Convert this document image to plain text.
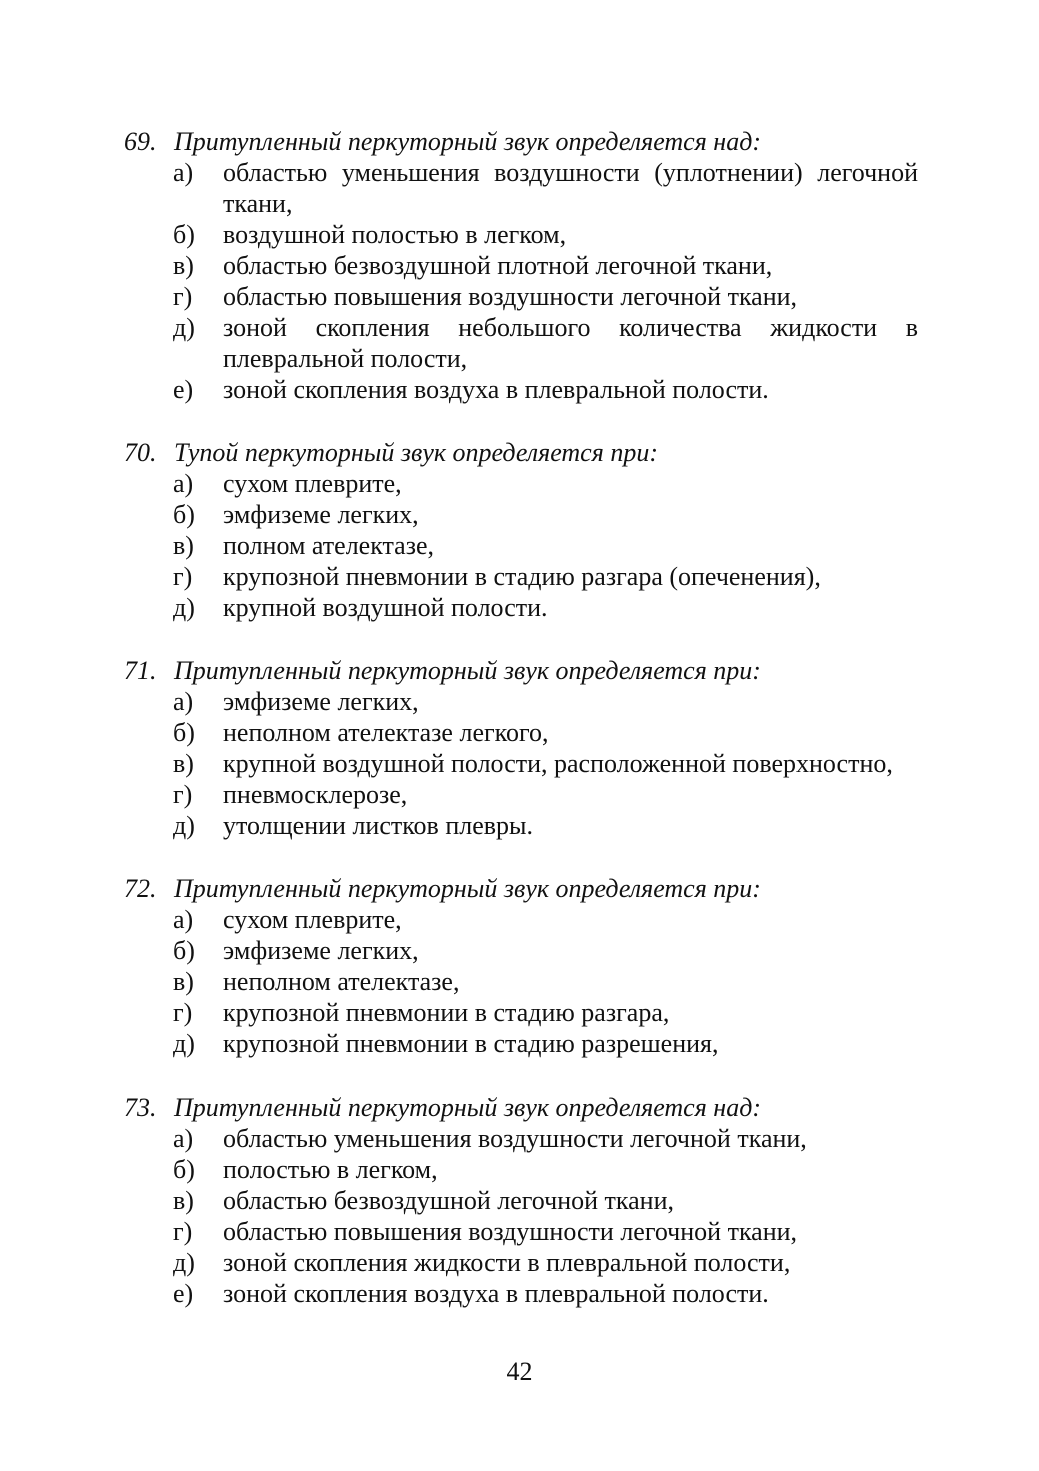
69. Притупленный перкуторный звук определяется над:
а) областью уменьшения воздушности (уплотнении) легочной ткани,
б) воздушной полостью в легком,
в) областью безвоздушной плотной легочной ткани,
г) областью повышения воздушности легочной ткани,
д) зоной скопления небольшого количества жидкости в плевральной полости,
е) зоной скопления воздуха в плевральной полости.
70. Тупой перкуторный звук определяется при:
а) сухом плеврите,
б) эмфиземе легких,
в) полном ателектазе,
г) крупозной пневмонии в стадию разгара (опеченения),
д) крупной воздушной полости.
71. Притупленный перкуторный звук определяется при:
а) эмфиземе легких,
б) неполном ателектазе легкого,
в) крупной воздушной полости, расположенной поверхностно,
г) пневмосклерозе,
д) утолщении листков плевры.
72. Притупленный перкуторный звук определяется при:
а) сухом плеврите,
б) эмфиземе легких,
в) неполном ателектазе,
г) крупозной пневмонии в стадию разгара,
д) крупозной пневмонии в стадию разрешения,
73. Притупленный перкуторный звук определяется над:
а) областью уменьшения воздушности легочной ткани,
б) полостью в легком,
в) областью безвоздушной легочной ткани,
г) областью повышения воздушности легочной ткани,
д) зоной скопления жидкости в плевральной полости,
е) зоной скопления воздуха в плевральной полости.
42
